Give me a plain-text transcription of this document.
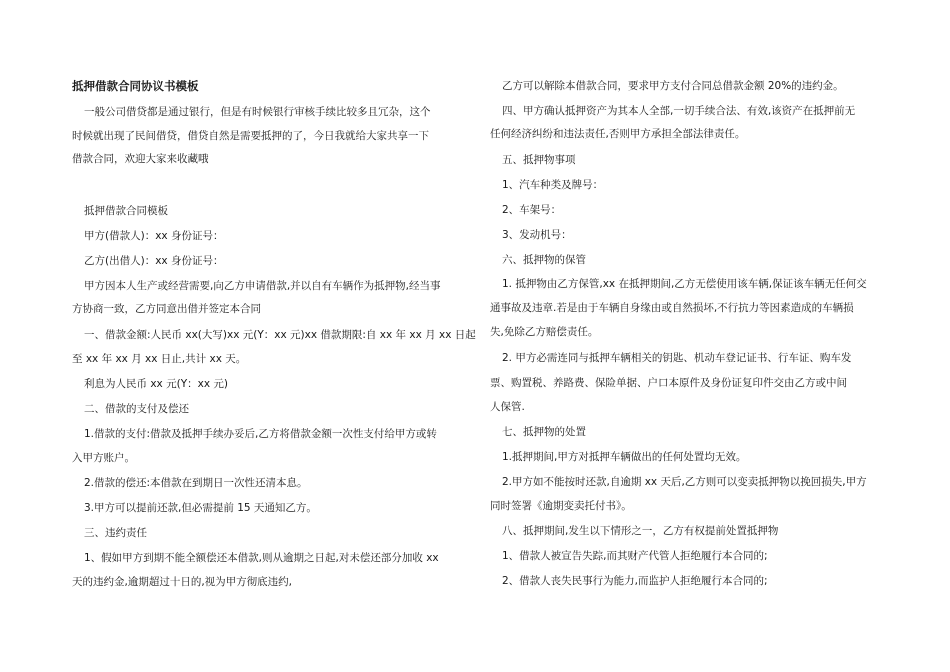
抵押借款合同协议书模板
一般公司借贷都是通过银行，但是有时候银行审核手续比较多且冗杂，这个
时候就出现了民间借贷，借贷自然是需要抵押的了，今日我就给大家共享一下
借款合同，欢迎大家来收藏哦
抵押借款合同模板
甲方(借款人)：xx 身份证号：
乙方(出借人)：xx 身份证号：
甲方因本人生产或经营需要,向乙方申请借款,并以自有车辆作为抵押物,经当事
方协商一致，乙方同意出借并签定本合同
一、借款金额:人民币 xx(大写)xx 元(Y：xx 元)xx 借款期限:自 xx 年 xx 月 xx 日起
至 xx 年 xx 月 xx 日止,共计 xx 天。
利息为人民币 xx 元(Y：xx 元)
二、借款的支付及偿还
1.借款的支付:借款及抵押手续办妥后,乙方将借款金额一次性支付给甲方或转
入甲方账户。
2.借款的偿还:本借款在到期日一次性还清本息。
3.甲方可以提前还款,但必需提前 15 天通知乙方。
三、违约责任
1、假如甲方到期不能全额偿还本借款,则从逾期之日起,对未偿还部分加收 xx
天的违约金,逾期超过十日的,视为甲方彻底违约,
乙方可以解除本借款合同，要求甲方支付合同总借款金额 20%的违约金。
四、甲方确认抵押资产为其本人全部,一切手续合法、有效,该资产在抵押前无
任何经济纠纷和违法责任,否则甲方承担全部法律责任。
五、抵押物事项
1、汽车种类及牌号：
2、车架号：
3、发动机号：
六、抵押物的保管
1. 抵押物由乙方保管,xx 在抵押期间,乙方无偿使用该车辆,保证该车辆无任何交
通事故及违章.若是由于车辆自身缘由或自然损坏,不行抗力等因素造成的车辆损
失,免除乙方赔偿责任。
2. 甲方必需连同与抵押车辆相关的钥匙、机动车登记证书、行车证、购车发
票、购置税、养路费、保险单据、户口本原件及身份证复印件交由乙方或中间
人保管.
七、抵押物的处置
1.抵押期间,甲方对抵押车辆做出的任何处置均无效。
2.甲方如不能按时还款,自逾期 xx 天后,乙方则可以变卖抵押物以挽回损失,甲方
同时签署《逾期变卖托付书》。
八、抵押期间,发生以下情形之一，乙方有权提前处置抵押物
1、借款人被宣告失踪,而其财产代管人拒绝履行本合同的;
2、借款人丧失民事行为能力,而监护人拒绝履行本合同的;
